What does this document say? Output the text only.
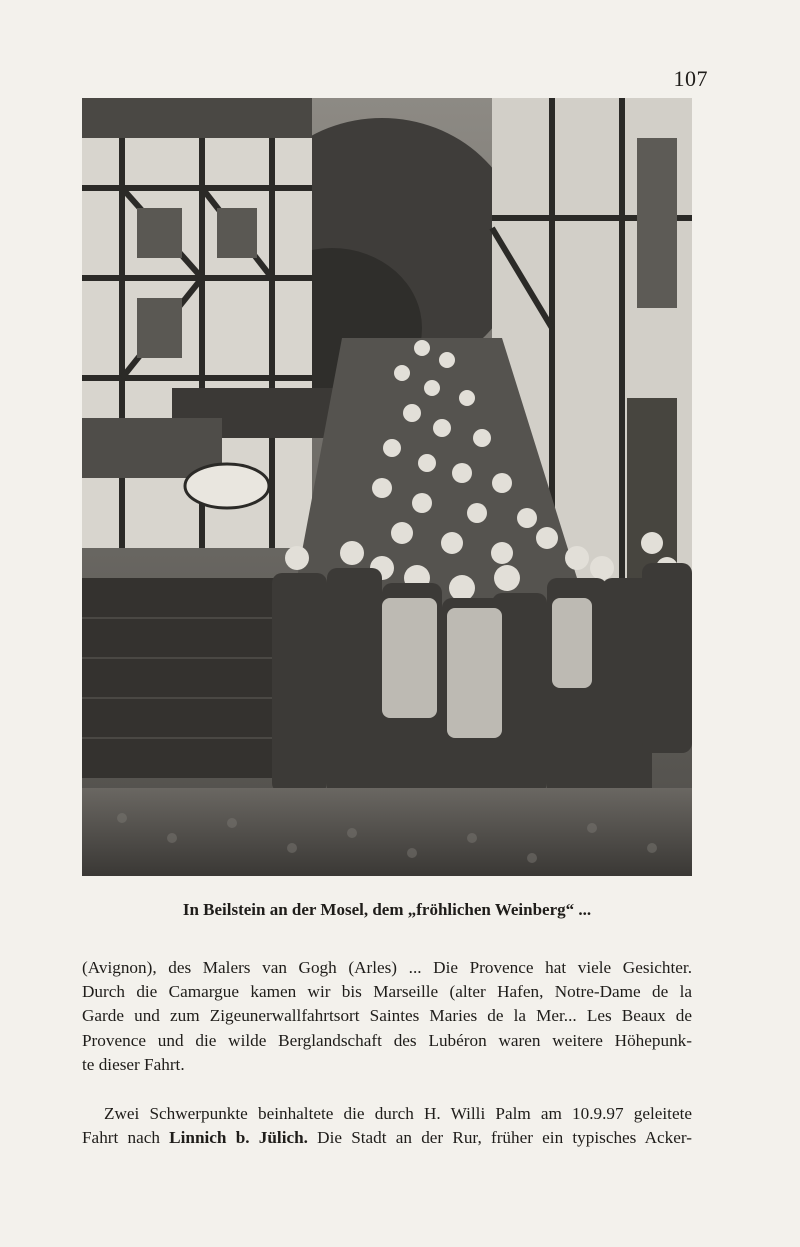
107
In Beilstein an der Mosel, dem „fröhlichen Weinberg“ ...
(Avignon), des Malers van Gogh (Arles) ... Die Provence hat viele Gesichter.
Durch die Camargue kamen wir bis Marseille (alter Hafen, Notre-Dame de la
Garde und zum Zigeunerwallfahrtsort Saintes Maries de la Mer... Les Beaux de
Provence und die wilde Berglandschaft des Lubéron waren weitere Höhepunk-
te dieser Fahrt.
Zwei Schwerpunkte beinhaltete die durch H. Willi Palm am 10.9.97 geleitete
Fahrt nach Linnich b. Jülich. Die Stadt an der Rur, früher ein typisches Acker-
